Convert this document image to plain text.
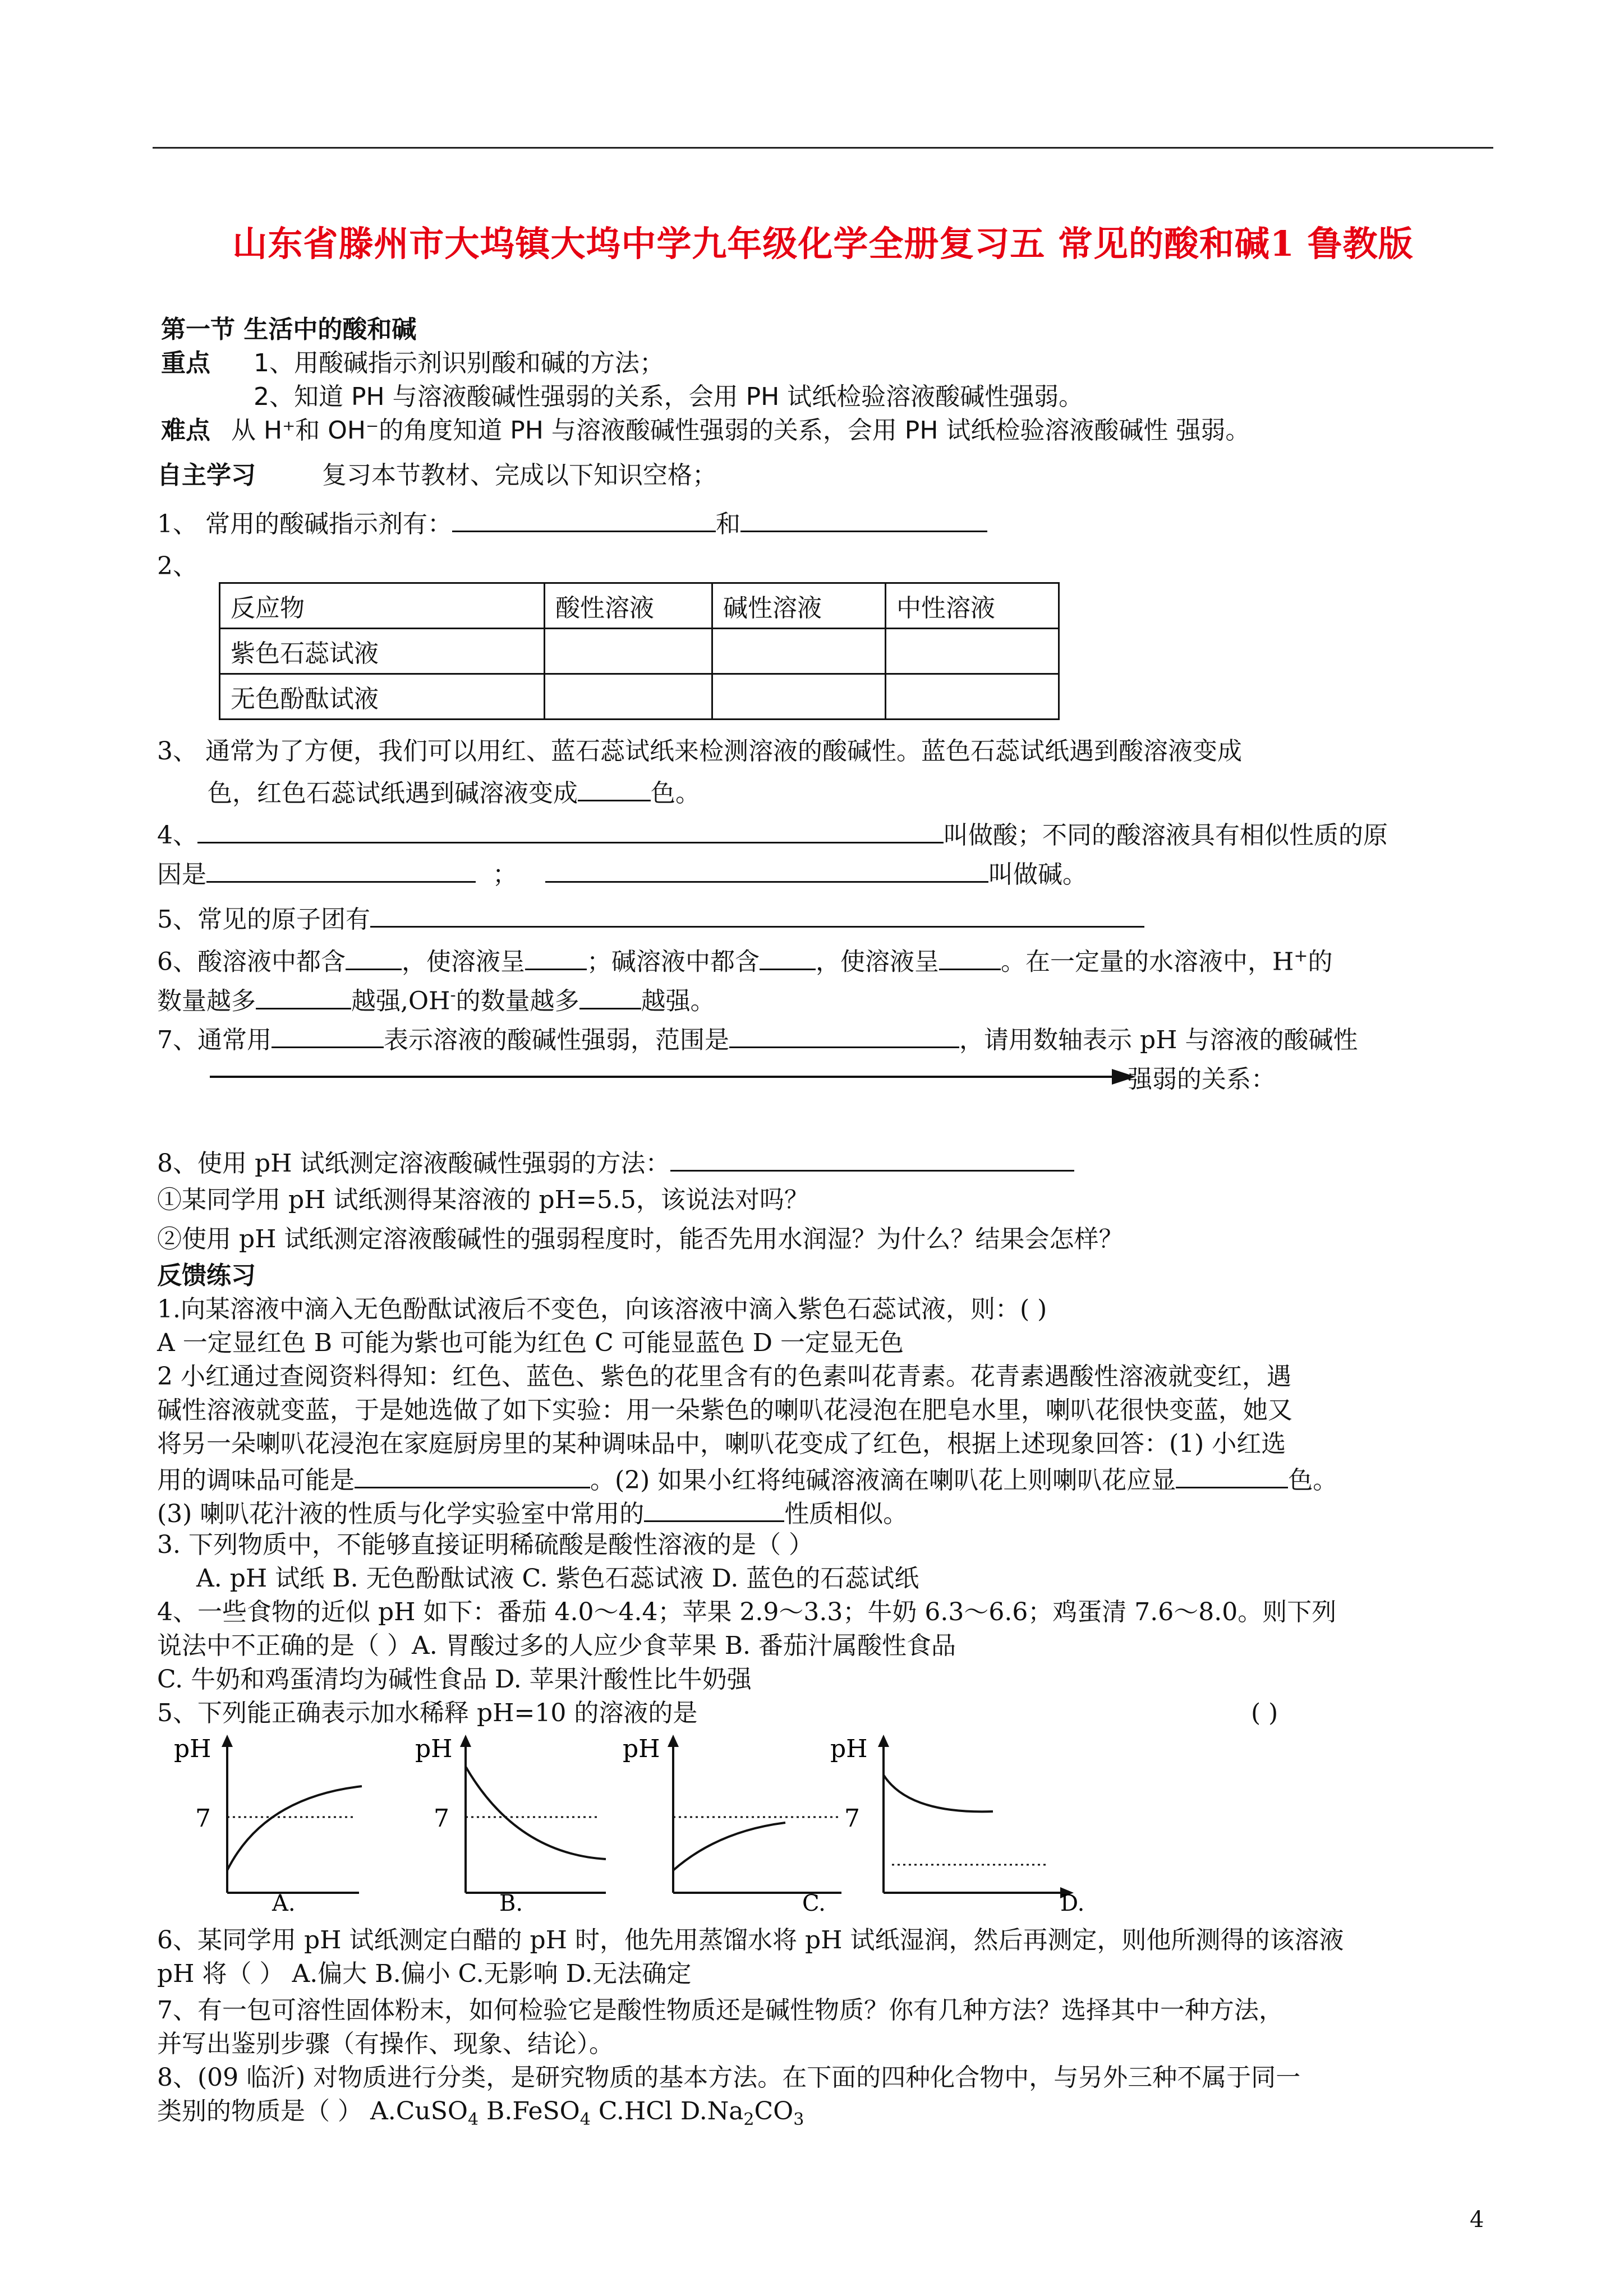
山东省滕州市大坞镇大坞中学九年级化学全册复习五 常见的酸和碱1 鲁教版
第一节 生活中的酸和碱
重点 1、用酸碱指示剂识别酸和碱的方法；
2、知道 PH 与溶液酸碱性强弱的关系，会用 PH 试纸检验溶液酸碱性强弱。
难点 从 H⁺和 OH⁻的角度知道 PH 与溶液酸碱性强弱的关系，会用 PH 试纸检验溶液酸碱性 强弱。
自主学习	复习本节教材、完成以下知识空格；
1、 常用的酸碱指示剂有：	和
2、
反应物	酸性溶液	碱性溶液	中性溶液
紫色石蕊试液			
无色酚酞试液			
3、 通常为了方便，我们可以用红、蓝石蕊试纸来检测溶液的酸碱性。蓝色石蕊试纸遇到酸溶液变成
色，红色石蕊试纸遇到碱溶液变成	色。
4、	叫做酸；不同的酸溶液具有相似性质的原
因是	；	叫做碱。
5、常见的原子团有
6、酸溶液中都含 ，使溶液呈	；碱溶液中都含 ，使溶液呈	。在一定量的水溶液中，H+的
数量越多	越强,OH-的数量越多	越强。
7、通常用	表示溶液的酸碱性强弱，范围是	，请用数轴表示 pH 与溶液的酸碱性
强弱的关系：
8、使用 pH 试纸测定溶液酸碱性强弱的方法：
①某同学用 pH 试纸测得某溶液的 pH=5.5，该说法对吗？
②使用 pH 试纸测定溶液酸碱性的强弱程度时，能否先用水润湿？为什么？结果会怎样？
反馈练习
1.向某溶液中滴入无色酚酞试液后不变色，向该溶液中滴入紫色石蕊试液，则：( )
A 一定显红色 B 可能为紫也可能为红色 C 可能显蓝色 D 一定显无色
2 小红通过查阅资料得知：红色、蓝色、紫色的花里含有的色素叫花青素。花青素遇酸性溶液就变红，遇
碱性溶液就变蓝，于是她选做了如下实验：用一朵紫色的喇叭花浸泡在肥皂水里，喇叭花很快变蓝，她又
将另一朵喇叭花浸泡在家庭厨房里的某种调味品中，喇叭花变成了红色，根据上述现象回答：(1) 小红选
用的调味品可能是	。(2) 如果小红将纯碱溶液滴在喇叭花上则喇叭花应显	色。
(3) 喇叭花汁液的性质与化学实验室中常用的	性质相似。
3. 下列物质中，不能够直接证明稀硫酸是酸性溶液的是（ ）
A. pH 试纸 B. 无色酚酞试液 C. 紫色石蕊试液 D. 蓝色的石蕊试纸
4、一些食物的近似 pH 如下：番茄 4.0～4.4；苹果 2.9～3.3；牛奶 6.3～6.6；鸡蛋清 7.6～8.0。则下列
说法中不正确的是（ ）A. 胃酸过多的人应少食苹果 B. 番茄汁属酸性食品
C. 牛奶和鸡蛋清均为碱性食品 D. 苹果汁酸性比牛奶强
5、下列能正确表示加水稀释 pH=10 的溶液的是	( )
pH
7
A.
pH
7
B.
pH
7
C.
pH
D.
6、某同学用 pH 试纸测定白醋的 pH 时，他先用蒸馏水将 pH 试纸湿润，然后再测定，则他所测得的该溶液
pH 将（ ） A.偏大 B.偏小 C.无影响 D.无法确定
7、有一包可溶性固体粉末，如何检验它是酸性物质还是碱性物质？你有几种方法？选择其中一种方法，
并写出鉴别步骤（有操作、现象、结论）。
8、(09 临沂) 对物质进行分类，是研究物质的基本方法。在下面的四种化合物中，与另外三种不属于同一
类别的物质是（ ） A.CuSO$_4$ B.FeSO$_4$ C.HCl $D.Na_2CO_3$
4
